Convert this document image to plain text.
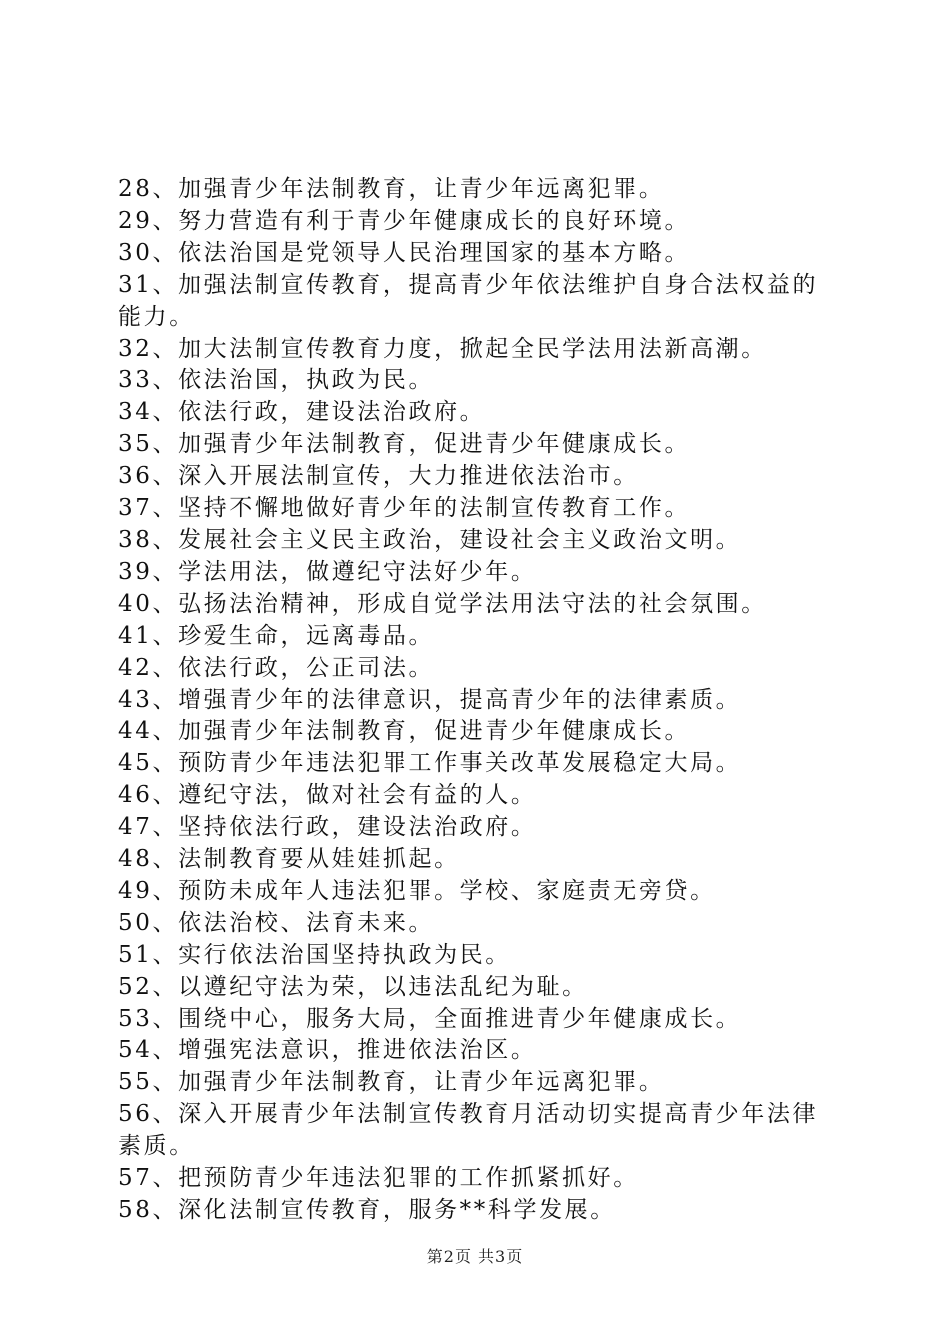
28、加强青少年法制教育，让青少年远离犯罪。

29、努力营造有利于青少年健康成长的良好环境。

30、依法治国是党领导人民治理国家的基本方略。

31、加强法制宣传教育，提高青少年依法维护自身合法权益的能力。

32、加大法制宣传教育力度，掀起全民学法用法新高潮。

33、依法治国，执政为民。

34、依法行政，建设法治政府。

35、加强青少年法制教育，促进青少年健康成长。

36、深入开展法制宣传，大力推进依法治市。

37、坚持不懈地做好青少年的法制宣传教育工作。

38、发展社会主义民主政治，建设社会主义政治文明。

39、学法用法，做遵纪守法好少年。

40、弘扬法治精神，形成自觉学法用法守法的社会氛围。

41、珍爱生命，远离毒品。

42、依法行政，公正司法。

43、增强青少年的法律意识，提高青少年的法律素质。

44、加强青少年法制教育，促进青少年健康成长。

45、预防青少年违法犯罪工作事关改革发展稳定大局。

46、遵纪守法，做对社会有益的人。

47、坚持依法行政，建设法治政府。

48、法制教育要从娃娃抓起。

49、预防未成年人违法犯罪。学校、家庭责无旁贷。

50、依法治校、法育未来。

51、实行依法治国坚持执政为民。

52、以遵纪守法为荣，以违法乱纪为耻。

53、围绕中心，服务大局，全面推进青少年健康成长。

54、增强宪法意识，推进依法治区。

55、加强青少年法制教育，让青少年远离犯罪。

56、深入开展青少年法制宣传教育月活动切实提高青少年法律素质。

57、把预防青少年违法犯罪的工作抓紧抓好。

58、深化法制宣传教育，服务**科学发展。

第2页 共3页
